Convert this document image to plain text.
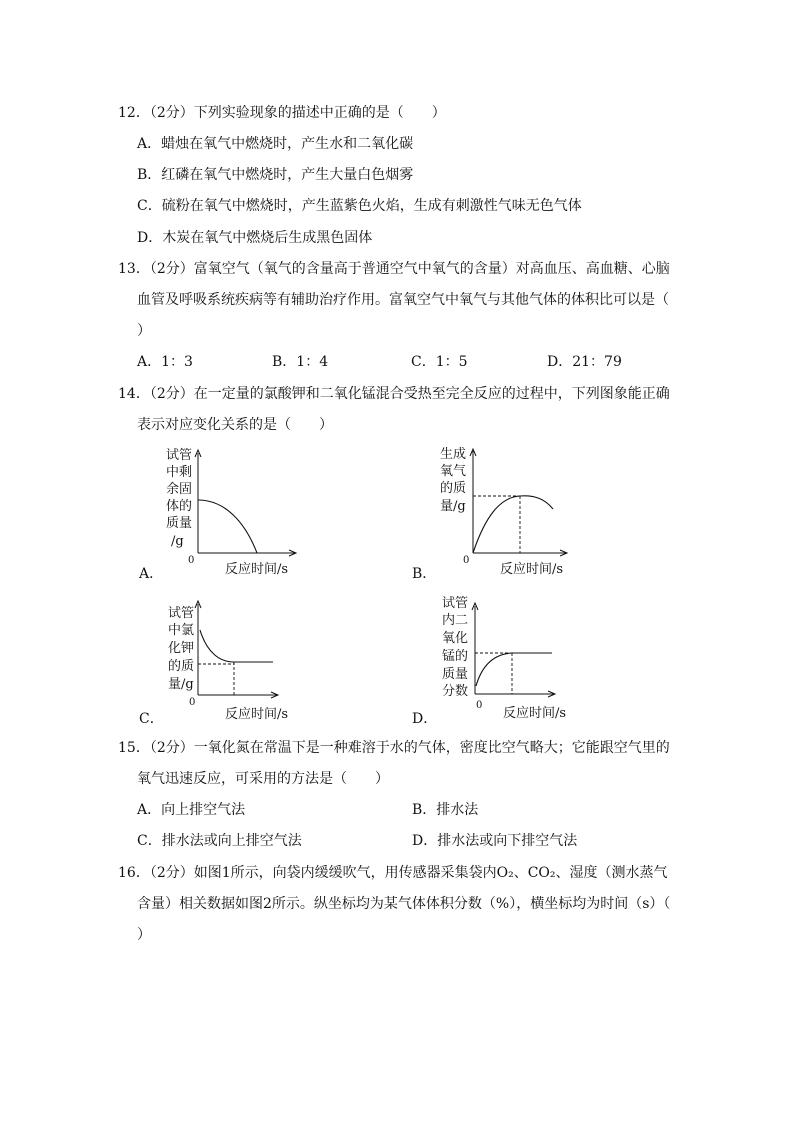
12．（2分）下列实验现象的描述中正确的是（　　）
A．蜡烛在氧气中燃烧时，产生水和二氧化碳
B．红磷在氧气中燃烧时，产生大量白色烟雾
C．硫粉在氧气中燃烧时，产生蓝紫色火焰，生成有刺激性气味无色气体
D．木炭在氧气中燃烧后生成黑色固体
13．（2分）富氧空气（氧气的含量高于普通空气中氧气的含量）对高血压、高血糖、心脑
血管及呼吸系统疾病等有辅助治疗作用。富氧空气中氧气与其他气体的体积比可以是（
）
A．1：3	B．1：4	C．1：5	D．21：79
14．（2分）在一定量的氯酸钾和二氧化锰混合受热至完全反应的过程中，下列图象能正确
表示对应变化关系的是（　　）
试管
中剩
余固
体的
质量
/g
0
反应时间/s
A．
生成
氧气
的质
量/g
0
反应时间/s
B．
试管
中氯
化钾
的质
量/g
0
反应时间/s
C．
试管
内二
氧化
锰的
质量
分数
0
反应时间/s
D．
15．（2分）一氧化氮在常温下是一种难溶于水的气体，密度比空气略大；它能跟空气里的
氧气迅速反应，可采用的方法是（　　）
A．向上排空气法	B．排水法
C．排水法或向上排空气法	D．排水法或向下排空气法
16．（2分）如图1所示，向袋内缓缓吹气，用传感器采集袋内O₂、CO₂、湿度（测水蒸气
含量）相关数据如图2所示。纵坐标均为某气体体积分数（%），横坐标均为时间（s）（
）
